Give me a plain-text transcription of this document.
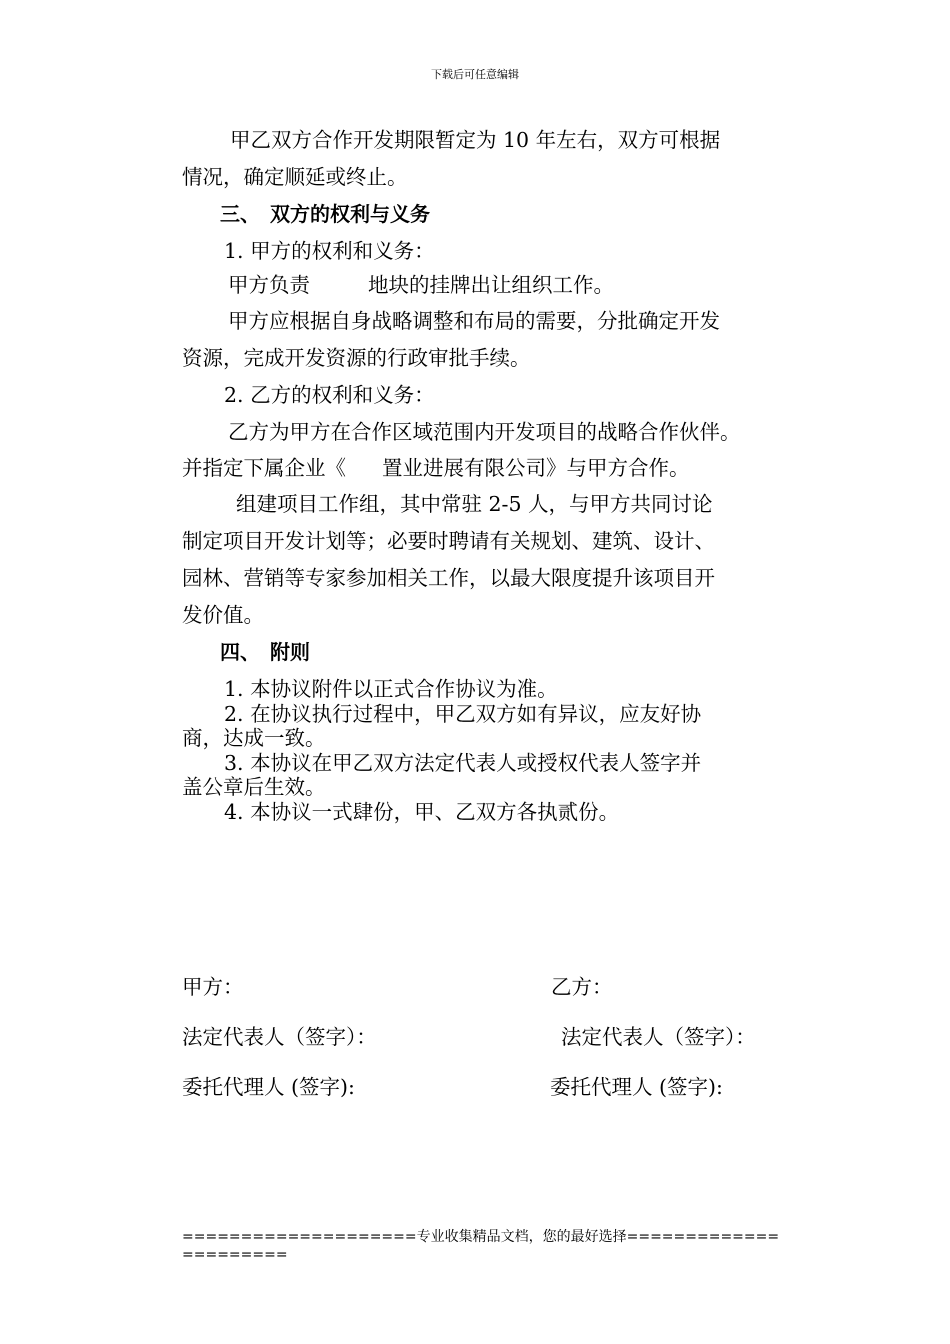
下载后可任意编辑
甲乙双方合作开发期限暂定为 10 年左右，双方可根据
情况，确定顺延或终止。
三、　双方的权利与义务
1. 甲方的权利和义务：
甲方负责	地块的挂牌出让组织工作。
甲方应根据自身战略调整和布局的需要，分批确定开发
资源，完成开发资源的行政审批手续。
2. 乙方的权利和义务：
乙方为甲方在合作区域范围内开发项目的战略合作伙伴。
并指定下属企业《 置业进展有限公司》与甲方合作。
组建项目工作组，其中常驻 2-5 人，与甲方共同讨论
制定项目开发计划等；必要时聘请有关规划、建筑、设计、
园林、营销等专家参加相关工作，以最大限度提升该项目开
发价值。
四、　附则
1. 本协议附件以正式合作协议为准。
2. 在协议执行过程中，甲乙双方如有异议，应友好协
商，达成一致。
3. 本协议在甲乙双方法定代表人或授权代表人签字并
盖公章后生效。
4. 本协议一式肆份，甲、乙双方各执贰份。
甲方：	乙方：
法定代表人（签字）：	法定代表人（签字）：
委托代理人 (签字):	委托代理人 (签字):
====================专业收集精品文档，您的最好选择=============
=========
